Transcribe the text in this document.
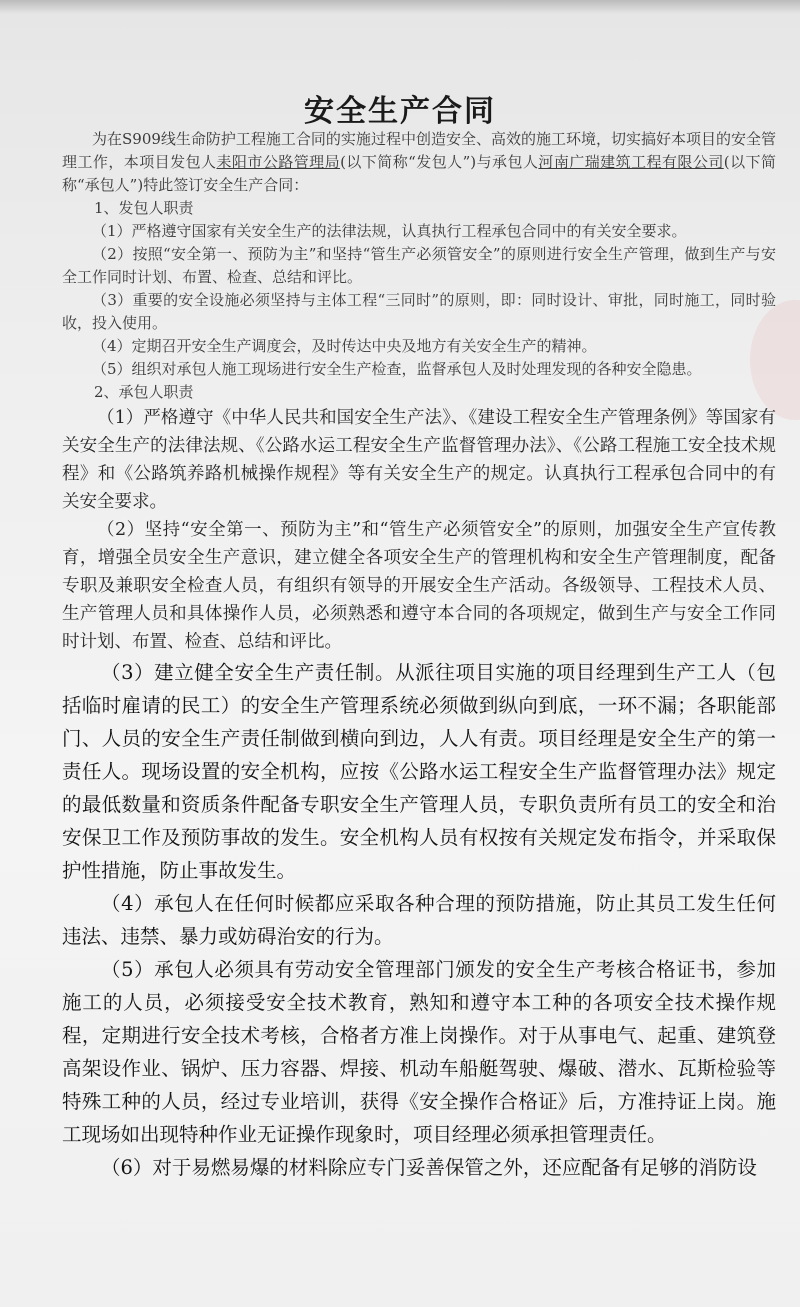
安全生产合同

为在S909线生命防护工程施工合同的实施过程中创造安全、高效的施工环境，切实搞好本项目的安全管理工作，本项目发包人耒阳市公路管理局(以下简称“发包人”)与承包人河南广瑞建筑工程有限公司(以下简称“承包人”)特此签订安全生产合同：

1、发包人职责

（1）严格遵守国家有关安全生产的法律法规，认真执行工程承包合同中的有关安全要求。

（2）按照“安全第一、预防为主”和坚持“管生产必须管安全”的原则进行安全生产管理，做到生产与安全工作同时计划、布置、检查、总结和评比。

（3）重要的安全设施必须坚持与主体工程“三同时”的原则，即：同时设计、审批，同时施工，同时验收，投入使用。

（4）定期召开安全生产调度会，及时传达中央及地方有关安全生产的精神。

（5）组织对承包人施工现场进行安全生产检查，监督承包人及时处理发现的各种安全隐患。

2、承包人职责

（1）严格遵守《中华人民共和国安全生产法》、《建设工程安全生产管理条例》等国家有关安全生产的法律法规、《公路水运工程安全生产监督管理办法》、《公路工程施工安全技术规程》和《公路筑养路机械操作规程》等有关安全生产的规定。认真执行工程承包合同中的有关安全要求。

（2）坚持“安全第一、预防为主”和“管生产必须管安全”的原则，加强安全生产宣传教育，增强全员安全生产意识，建立健全各项安全生产的管理机构和安全生产管理制度，配备专职及兼职安全检查人员，有组织有领导的开展安全生产活动。各级领导、工程技术人员、生产管理人员和具体操作人员，必须熟悉和遵守本合同的各项规定，做到生产与安全工作同时计划、布置、检查、总结和评比。

（3）建立健全安全生产责任制。从派往项目实施的项目经理到生产工人（包括临时雇请的民工）的安全生产管理系统必须做到纵向到底，一环不漏；各职能部门、人员的安全生产责任制做到横向到边，人人有责。项目经理是安全生产的第一责任人。现场设置的安全机构，应按《公路水运工程安全生产监督管理办法》规定的最低数量和资质条件配备专职安全生产管理人员，专职负责所有员工的安全和治安保卫工作及预防事故的发生。安全机构人员有权按有关规定发布指令，并采取保护性措施，防止事故发生。

（4）承包人在任何时候都应采取各种合理的预防措施，防止其员工发生任何违法、违禁、暴力或妨碍治安的行为。

（5）承包人必须具有劳动安全管理部门颁发的安全生产考核合格证书，参加施工的人员，必须接受安全技术教育，熟知和遵守本工种的各项安全技术操作规程，定期进行安全技术考核，合格者方准上岗操作。对于从事电气、起重、建筑登高架设作业、锅炉、压力容器、焊接、机动车船艇驾驶、爆破、潜水、瓦斯检验等特殊工种的人员，经过专业培训，获得《安全操作合格证》后，方准持证上岗。施工现场如出现特种作业无证操作现象时，项目经理必须承担管理责任。

（6）对于易燃易爆的材料除应专门妥善保管之外，还应配备有足够的消防设
